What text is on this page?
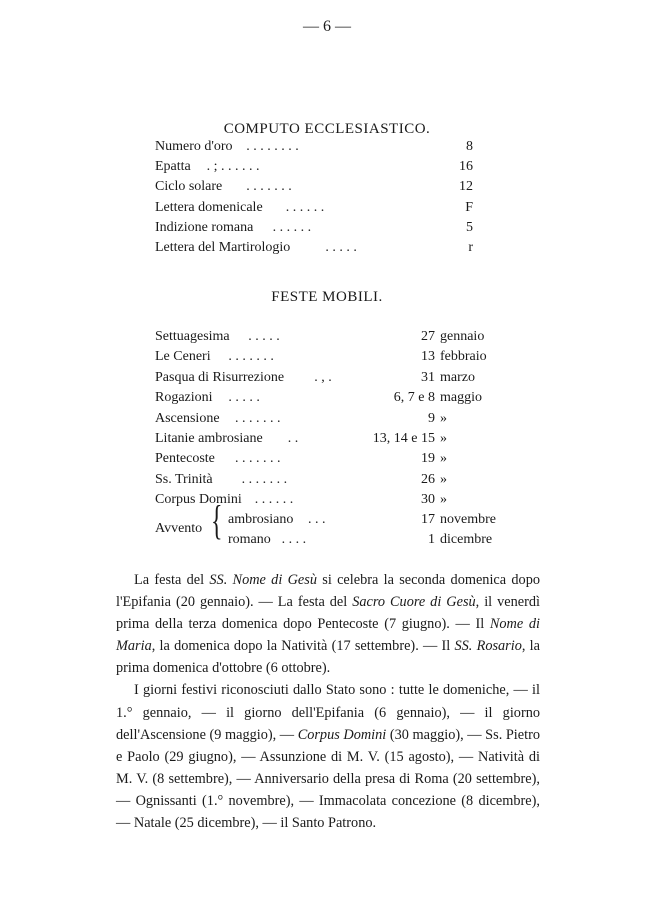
— 6 —
COMPUTO ECCLESIASTICO.
Numero d'oro . . . . . . . .	8
Epatta . ; . . . . . .	16
Ciclo solare . . . . . . .	12
Lettera domenicale . . . . . .	F
Indizione romana . . . . . .	5
Lettera del Martirologio	. . . . .	r
FESTE MOBILI.
Settuagesima . . . . .	27 gennaio
Le Ceneri . . . . . . .	13 febbraio
Pasqua di Risurrezione . , .	31 marzo
Rogazioni . . . . .	6, 7 e 8 maggio
Ascensione . . . . . . .	9 »
Litanie ambrosiane . .	13, 14 e 15 »
Pentecoste . . . . . . .	19 »
Ss. Trinità . . . . . . .	26 »
Corpus Domini . . . . . .	30 »
Avvento { ambrosiano . . .	17 novembre
romano . . . .	1 dicembre

La festa del SS. Nome di Gesù si celebra la seconda domenica dopo l'Epifania (20 gennaio). — La festa del Sacro Cuore di Gesù, il venerdì prima della terza domenica dopo Pentecoste (7 giugno). — Il Nome di Maria, la domenica dopo la Natività (17 settembre). — Il SS. Rosario, la prima domenica d'ottobre (6 ottobre).

I giorni festivi riconosciuti dallo Stato sono : tutte le domeniche, — il 1.° gennaio, — il giorno dell'Epifania (6 gennaio), — il giorno dell'Ascensione (9 maggio), — Corpus Domini (30 maggio), — Ss. Pietro e Paolo (29 giugno), — Assunzione di M. V. (15 agosto), — Natività di M. V. (8 settembre), — Anniversario della presa di Roma (20 settembre), — Ognissanti (1.° novembre), — Immacolata concezione (8 dicembre), — Natale (25 dicembre), — il Santo Patrono.
